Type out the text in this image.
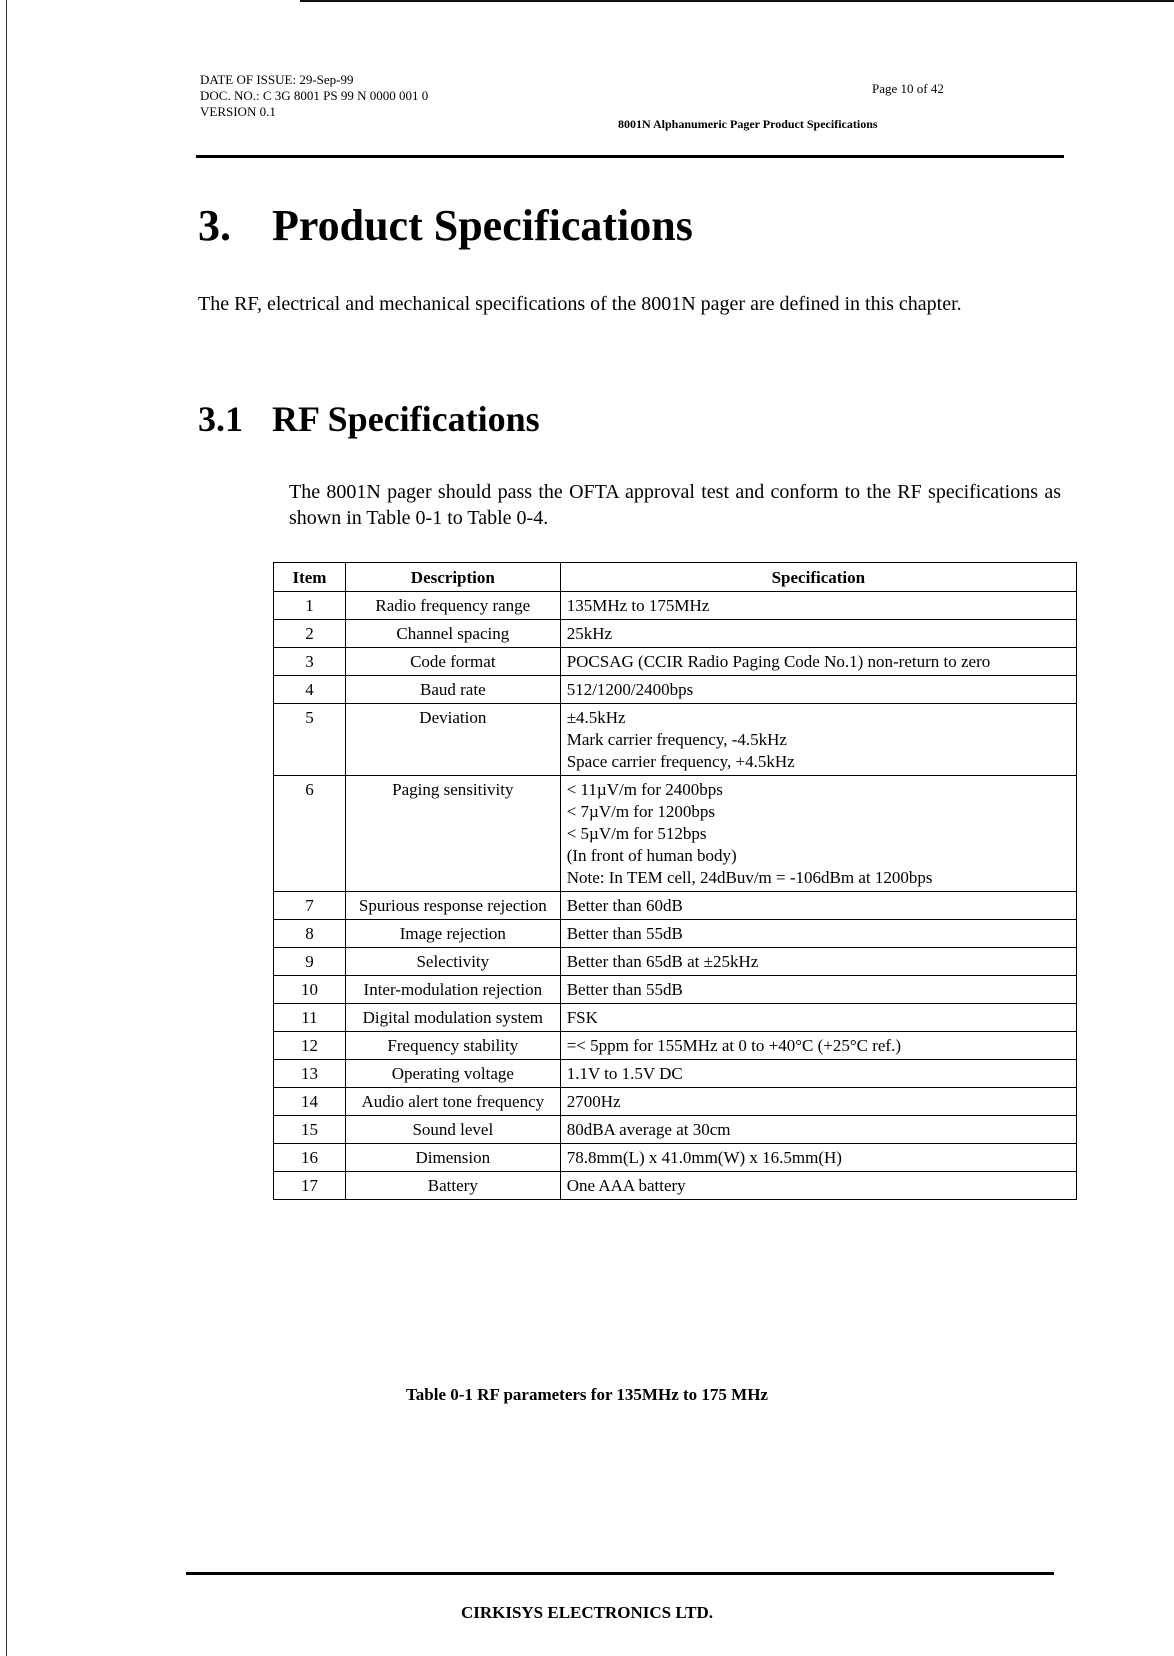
DATE OF ISSUE: 29-Sep-99
DOC. NO.: C 3G 8001 PS 99 N 0000 001 0
VERSION 0.1
Page 10 of 42
8001N Alphanumeric Pager Product Specifications
3. Product Specifications

The RF, electrical and mechanical specifications of the 8001N pager are defined in this chapter.

3.1 RF Specifications

The 8001N pager should pass the OFTA approval test and conform to the RF specifications as shown in Table 0-1 to Table 0-4.

Item	Description	Specification
1	Radio frequency range	135MHz to 175MHz

2	Channel spacing	25kHz

3	Code format	POCSAG (CCIR Radio Paging Code No.1) non-return to zero

4	Baud rate	512/1200/2400bps

5	Deviation	±4.5kHz
Mark carrier frequency, -4.5kHz
Space carrier frequency, +4.5kHz

6	Paging sensitivity	< 11µV/m for 2400bps
< 7µV/m for 1200bps
< 5µV/m for 512bps
(In front of human body)
Note: In TEM cell, 24dBuv/m = -106dBm at 1200bps

7	Spurious response rejection	Better than 60dB

8	Image rejection	Better than 55dB

9	Selectivity	Better than 65dB at ±25kHz

10	Inter-modulation rejection	Better than 55dB

11	Digital modulation system	FSK

12	Frequency stability	=< 5ppm for 155MHz at 0 to +40°C (+25°C ref.)

13	Operating voltage	1.1V to 1.5V DC

14	Audio alert tone frequency	2700Hz

15	Sound level	80dBA average at 30cm

16	Dimension	78.8mm(L) x 41.0mm(W) x 16.5mm(H)

17	Battery	One AAA battery
Table 0-1 RF parameters for 135MHz to 175 MHz
CIRKISYS ELECTRONICS LTD.
